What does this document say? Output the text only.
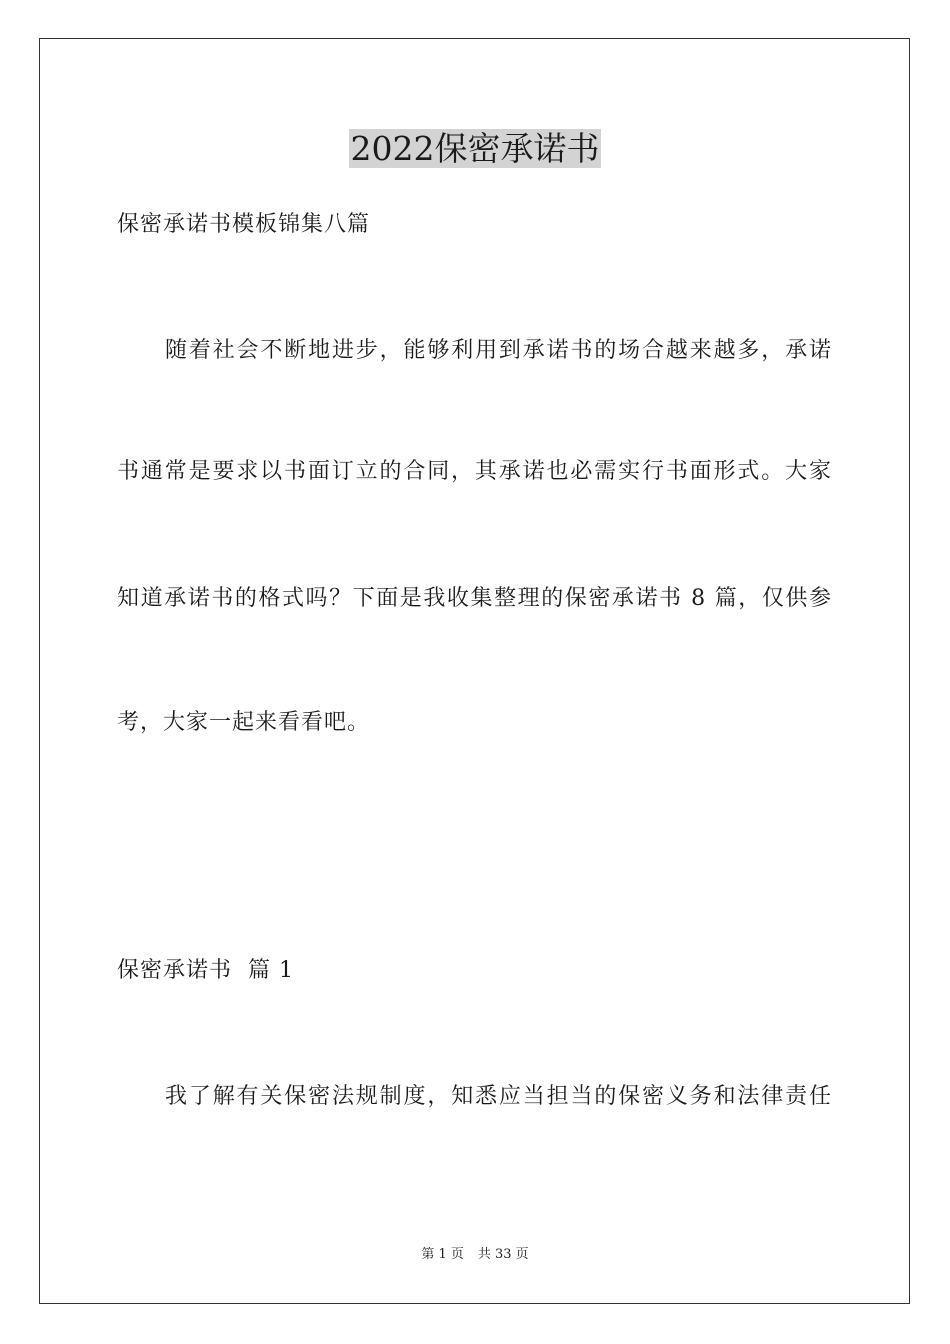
2022保密承诺书
保密承诺书模板锦集八篇
随着社会不断地进步，能够利用到承诺书的场合越来越多，承诺
书通常是要求以书面订立的合同，其承诺也必需实行书面形式。大家
知道承诺书的格式吗？下面是我收集整理的保密承诺书 8 篇，仅供参
考，大家一起来看看吧。
保密承诺书  篇 1
我了解有关保密法规制度，知悉应当担当的保密义务和法律责任
第 1 页 共 33 页
